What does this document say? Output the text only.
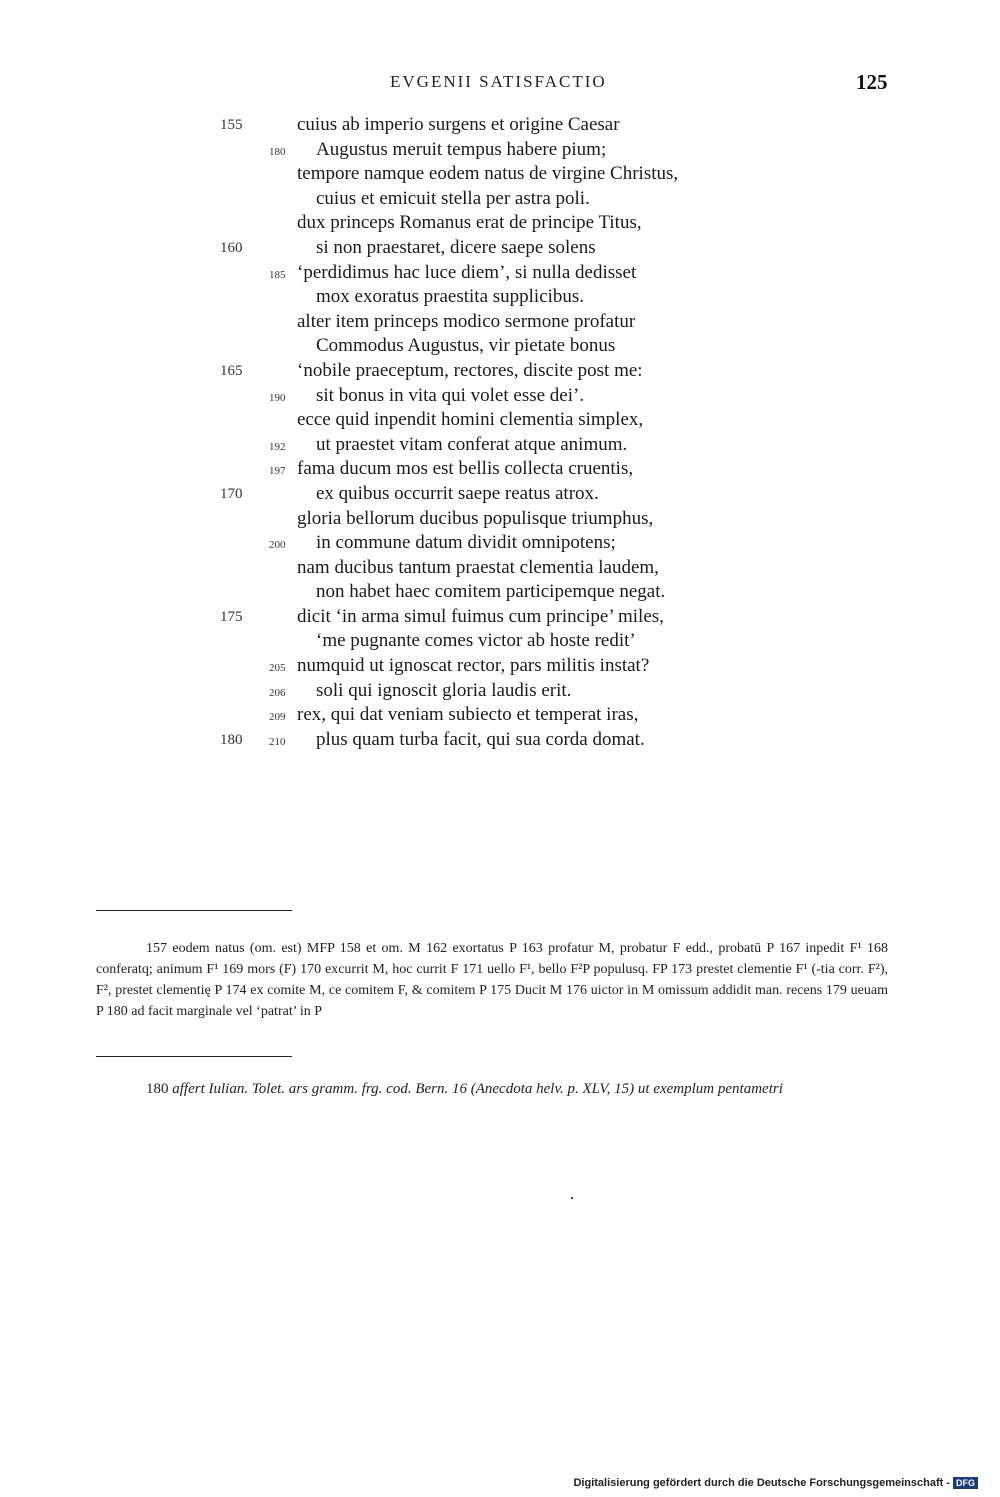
EVGENII SATISFACTIO	125
155	cuius ab imperio surgens et origine Caesar
180	Augustus meruit tempus habere pium;
tempore namque eodem natus de virgine Christus,
cuius et emicuit stella per astra poli.
dux princeps Romanus erat de principe Titus,
160	si non praestaret, dicere saepe solens
185 ‘perdidimus hac luce diem’, si nulla dedisset
mox exoratus praestita supplicibus.
alter item princeps modico sermone profatur
Commodus Augustus, vir pietate bonus
165	‘nobile praeceptum, rectores, discite post me:
190	sit bonus in vita qui volet esse dei’.
ecce quid inpendit homini clementia simplex,
192	ut praestet vitam conferat atque animum.
197 fama ducum mos est bellis collecta cruentis,
170	ex quibus occurrit saepe reatus atrox.
gloria bellorum ducibus populisque triumphus,
200	in commune datum dividit omnipotens;
nam ducibus tantum praestat clementia laudem,
non habet haec comitem participemque negat.
175	dicit ‘in arma simul fuimus cum principe’ miles,
‘me pugnante comes victor ab hoste redit’
205 numquid ut ignoscat rector, pars militis instat?
206	soli qui ignoscit gloria laudis erit.
209 rex, qui dat veniam subiecto et temperat iras,
180	210	plus quam turba facit, qui sua corda domat.

157 eodem natus (om. est) MFP 158 et om. M 162 exortatus P 163 profatur M, probatur F edd., probatū P 167 inpedit F¹ 168 conferatq; animum F¹ 169 mors (F) 170 excurrit M, hoc currit F 171 uello F¹, bello F²P populusq. FP 173 prestet clementie F¹ (-tia corr. F²), F², prestet clementię P 174 ex comite M, ce comitem F, & comitem P 175 Ducit M 176 uictor in M omissum addidit man. recens 179 ueuam P 180 ad facit marginale vel ‘patrat’ in P

180 affert Iulian. Tolet. ars gramm. frg. cod. Bern. 16 (Anecdota helv. p. XLV, 15) ut exemplum pentametri

Digitalisierung gefördert durch die Deutsche Forschungsgemeinschaft - DFG
